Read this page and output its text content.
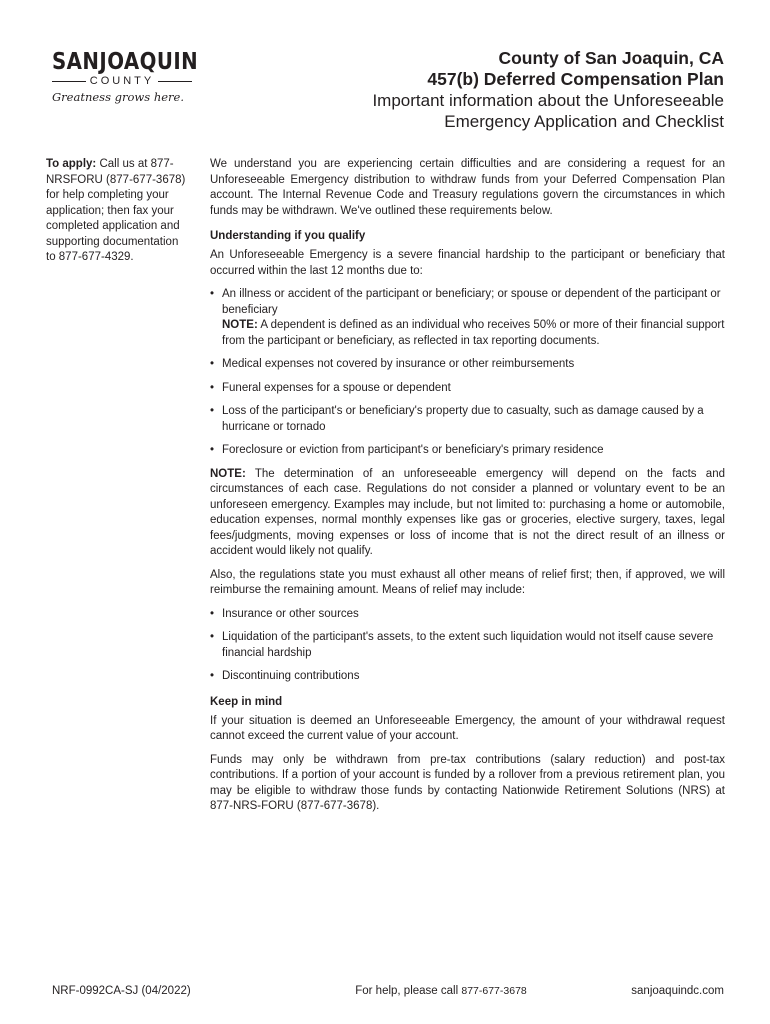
SANJOAQUIN
COUNTY
Greatness grows here.
County of San Joaquin, CA
457(b) Deferred Compensation Plan
Important information about the Unforeseeable
Emergency Application and Checklist
To apply: Call us at 877-NRSFORU (877-677-3678) for help completing your application; then fax your completed application and supporting documentation to 877-677-4329.

We understand you are experiencing certain difficulties and are considering a request for an Unforeseeable Emergency distribution to withdraw funds from your Deferred Compensation Plan account. The Internal Revenue Code and Treasury regulations govern the circumstances in which funds may be withdrawn. We've outlined these requirements below.

Understanding if you qualify

An Unforeseeable Emergency is a severe financial hardship to the participant or beneficiary that occurred within the last 12 months due to:

• An illness or accident of the participant or beneficiary; or spouse or dependent of the participant or beneficiary
NOTE: A dependent is defined as an individual who receives 50% or more of their financial support from the participant or beneficiary, as reflected in tax reporting documents.
• Medical expenses not covered by insurance or other reimbursements
• Funeral expenses for a spouse or dependent
• Loss of the participant's or beneficiary's property due to casualty, such as damage caused by a hurricane or tornado
• Foreclosure or eviction from participant's or beneficiary's primary residence

NOTE: The determination of an unforeseeable emergency will depend on the facts and circumstances of each case. Regulations do not consider a planned or voluntary event to be an unforeseen emergency. Examples may include, but not limited to: purchasing a home or automobile, education expenses, normal monthly expenses like gas or groceries, elective surgery, taxes, legal fees/judgments, moving expenses or loss of income that is not the direct result of an illness or accident would likely not qualify.

Also, the regulations state you must exhaust all other means of relief first; then, if approved, we will reimburse the remaining amount. Means of relief may include:

• Insurance or other sources
• Liquidation of the participant's assets, to the extent such liquidation would not itself cause severe financial hardship
• Discontinuing contributions
Keep in mind

If your situation is deemed an Unforeseeable Emergency, the amount of your withdrawal request cannot exceed the current value of your account.

Funds may only be withdrawn from pre-tax contributions (salary reduction) and post-tax contributions. If a portion of your account is funded by a rollover from a previous retirement plan, you may be eligible to withdraw those funds by contacting Nationwide Retirement Solutions (NRS) at 877-NRS-FORU (877-677-3678).

NRF-0992CA-SJ (04/2022)	For help, please call 877-677-3678	sanjoaquindc.com
